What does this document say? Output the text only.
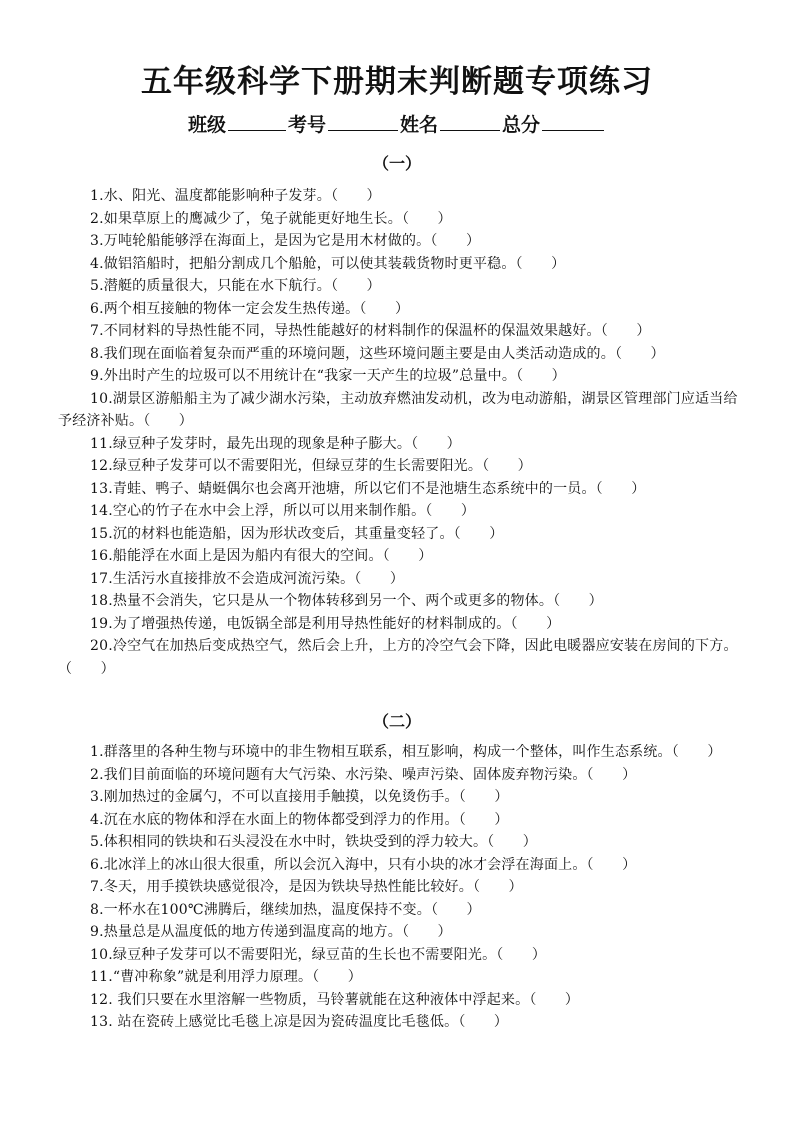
五年级科学下册期末判断题专项练习
班级	考号	姓名	总分
（一）

1.水、阳光、温度都能影响种子发芽。（　　）

2.如果草原上的鹰减少了，兔子就能更好地生长。（　　）

3.万吨轮船能够浮在海面上，是因为它是用木材做的。（　　）

4.做铝箔船时，把船分割成几个船舱，可以使其装载货物时更平稳。（　　）

5.潜艇的质量很大，只能在水下航行。（　　）

6.两个相互接触的物体一定会发生热传递。（　　）

7.不同材料的导热性能不同，导热性能越好的材料制作的保温杯的保温效果越好。（　　）

8.我们现在面临着复杂而严重的环境问题，这些环境问题主要是由人类活动造成的。（　　）

9.外出时产生的垃圾可以不用统计在“我家一天产生的垃圾”总量中。（　　）

10.湖景区游船船主为了减少湖水污染，主动放弃燃油发动机，改为电动游船，湖景区管理部门应适当给予经济补贴。（　　）

11.绿豆种子发芽时，最先出现的现象是种子膨大。（　　）

12.绿豆种子发芽可以不需要阳光，但绿豆芽的生长需要阳光。（　　）

13.青蛙、鸭子、蜻蜓偶尔也会离开池塘，所以它们不是池塘生态系统中的一员。（　　）

14.空心的竹子在水中会上浮，所以可以用来制作船。（　　）

15.沉的材料也能造船，因为形状改变后，其重量变轻了。（　　）

16.船能浮在水面上是因为船内有很大的空间。（　　）

17.生活污水直接排放不会造成河流污染。（　　）

18.热量不会消失，它只是从一个物体转移到另一个、两个或更多的物体。（　　）

19.为了增强热传递，电饭锅全部是利用导热性能好的材料制成的。（　　）

20.冷空气在加热后变成热空气，然后会上升，上方的冷空气会下降，因此电暖器应安装在房间的下方。（　　）

（二）

1.群落里的各种生物与环境中的非生物相互联系，相互影响，构成一个整体，叫作生态系统。（　　）

2.我们目前面临的环境问题有大气污染、水污染、噪声污染、固体废弃物污染。（　　）

3.刚加热过的金属勺，不可以直接用手触摸，以免烫伤手。（　　）

4.沉在水底的物体和浮在水面上的物体都受到浮力的作用。（　　）

5.体积相同的铁块和石头浸没在水中时，铁块受到的浮力较大。（　　）

6.北冰洋上的冰山很大很重，所以会沉入海中，只有小块的冰才会浮在海面上。（　　）

7.冬天，用手摸铁块感觉很冷，是因为铁块导热性能比较好。（　　）

8.一杯水在100℃沸腾后，继续加热，温度保持不变。（　　）

9.热量总是从温度低的地方传递到温度高的地方。（　　）

10.绿豆种子发芽可以不需要阳光，绿豆苗的生长也不需要阳光。（　　）

11.“曹冲称象”就是利用浮力原理。（　　）

12. 我们只要在水里溶解一些物质，马铃薯就能在这种液体中浮起来。（　　）

13. 站在瓷砖上感觉比毛毯上凉是因为瓷砖温度比毛毯低。（　　）
